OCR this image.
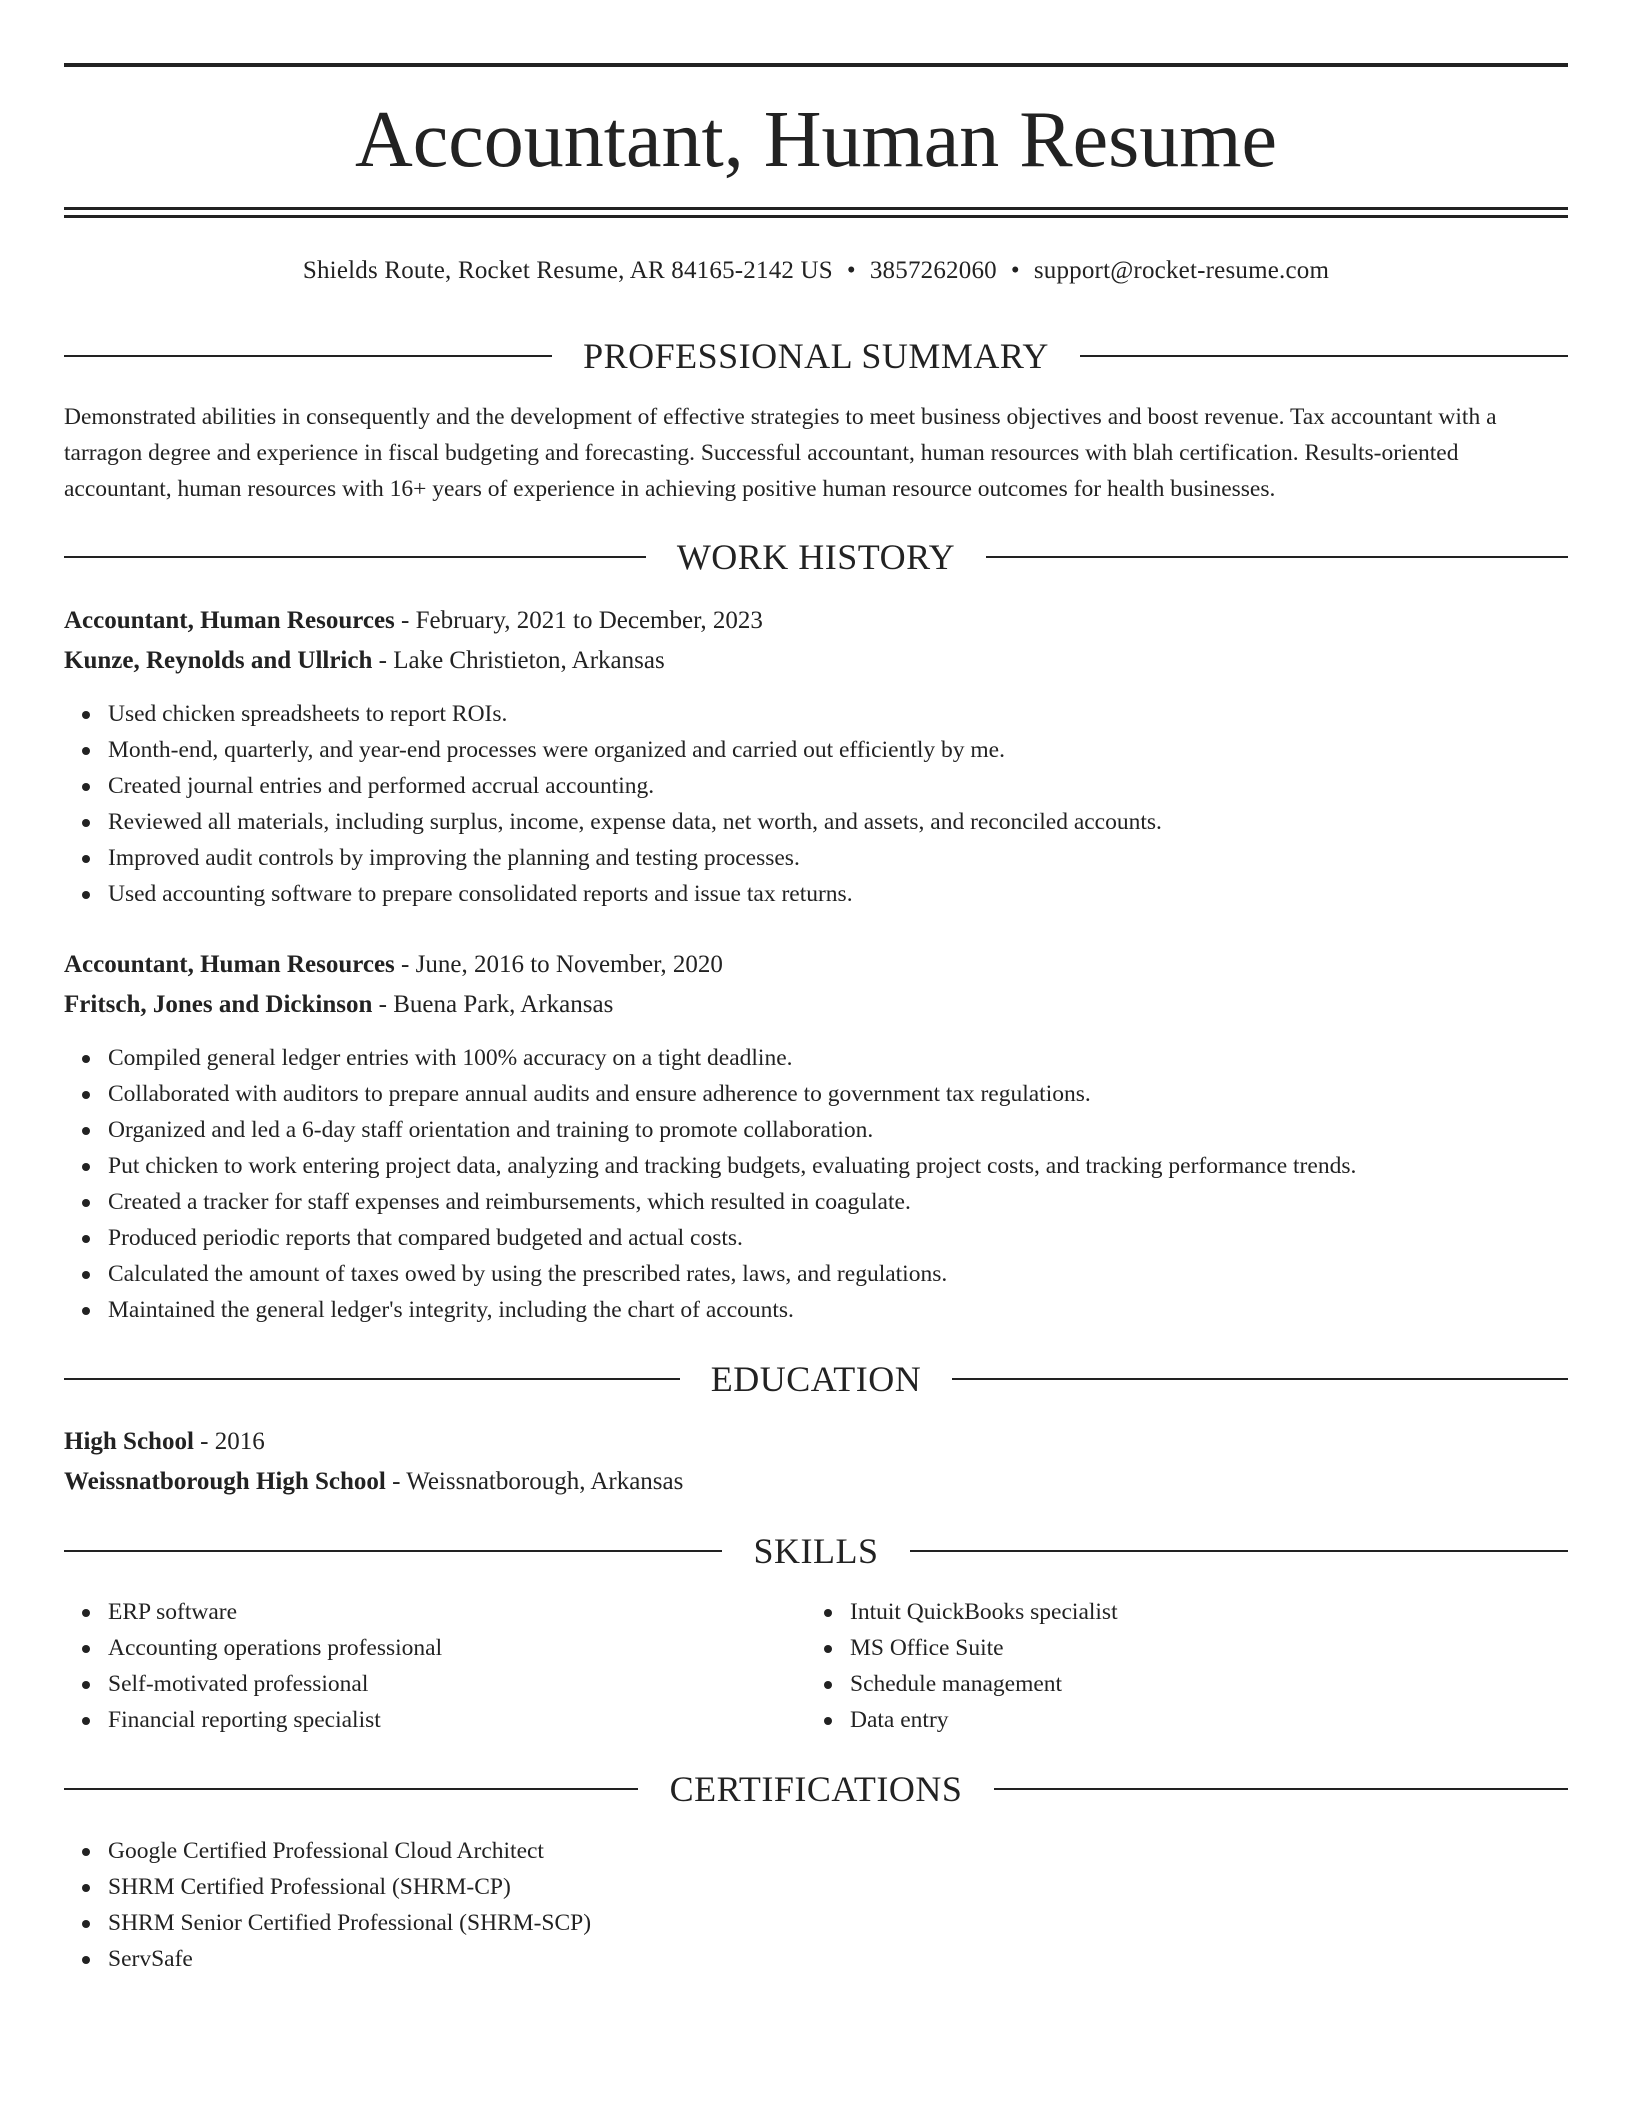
Accountant, Human Resume
Shields Route, Rocket Resume, AR 84165-2142 US • 3857262060 • support@rocket-resume.com
PROFESSIONAL SUMMARY

Demonstrated abilities in consequently and the development of effective strategies to meet business objectives and boost revenue. Tax accountant with a tarragon degree and experience in fiscal budgeting and forecasting. Successful accountant, human resources with blah certification. Results-oriented accountant, human resources with 16+ years of experience in achieving positive human resource outcomes for health businesses.

WORK HISTORY
Accountant, Human Resources - February, 2021 to December, 2023
Kunze, Reynolds and Ullrich - Lake Christieton, Arkansas
Used chicken spreadsheets to report ROIs.
Month-end, quarterly, and year-end processes were organized and carried out efficiently by me.
Created journal entries and performed accrual accounting.
Reviewed all materials, including surplus, income, expense data, net worth, and assets, and reconciled accounts.
Improved audit controls by improving the planning and testing processes.
Used accounting software to prepare consolidated reports and issue tax returns.
Accountant, Human Resources - June, 2016 to November, 2020
Fritsch, Jones and Dickinson - Buena Park, Arkansas
Compiled general ledger entries with 100% accuracy on a tight deadline.
Collaborated with auditors to prepare annual audits and ensure adherence to government tax regulations.
Organized and led a 6-day staff orientation and training to promote collaboration.
Put chicken to work entering project data, analyzing and tracking budgets, evaluating project costs, and tracking performance trends.
Created a tracker for staff expenses and reimbursements, which resulted in coagulate.
Produced periodic reports that compared budgeted and actual costs.
Calculated the amount of taxes owed by using the prescribed rates, laws, and regulations.
Maintained the general ledger's integrity, including the chart of accounts.
EDUCATION
High School - 2016
Weissnatborough High School - Weissnatborough, Arkansas
SKILLS
ERP software
Accounting operations professional
Self-motivated professional
Financial reporting specialist
Intuit QuickBooks specialist
MS Office Suite
Schedule management
Data entry
CERTIFICATIONS
Google Certified Professional Cloud Architect
SHRM Certified Professional (SHRM-CP)
SHRM Senior Certified Professional (SHRM-SCP)
ServSafe
